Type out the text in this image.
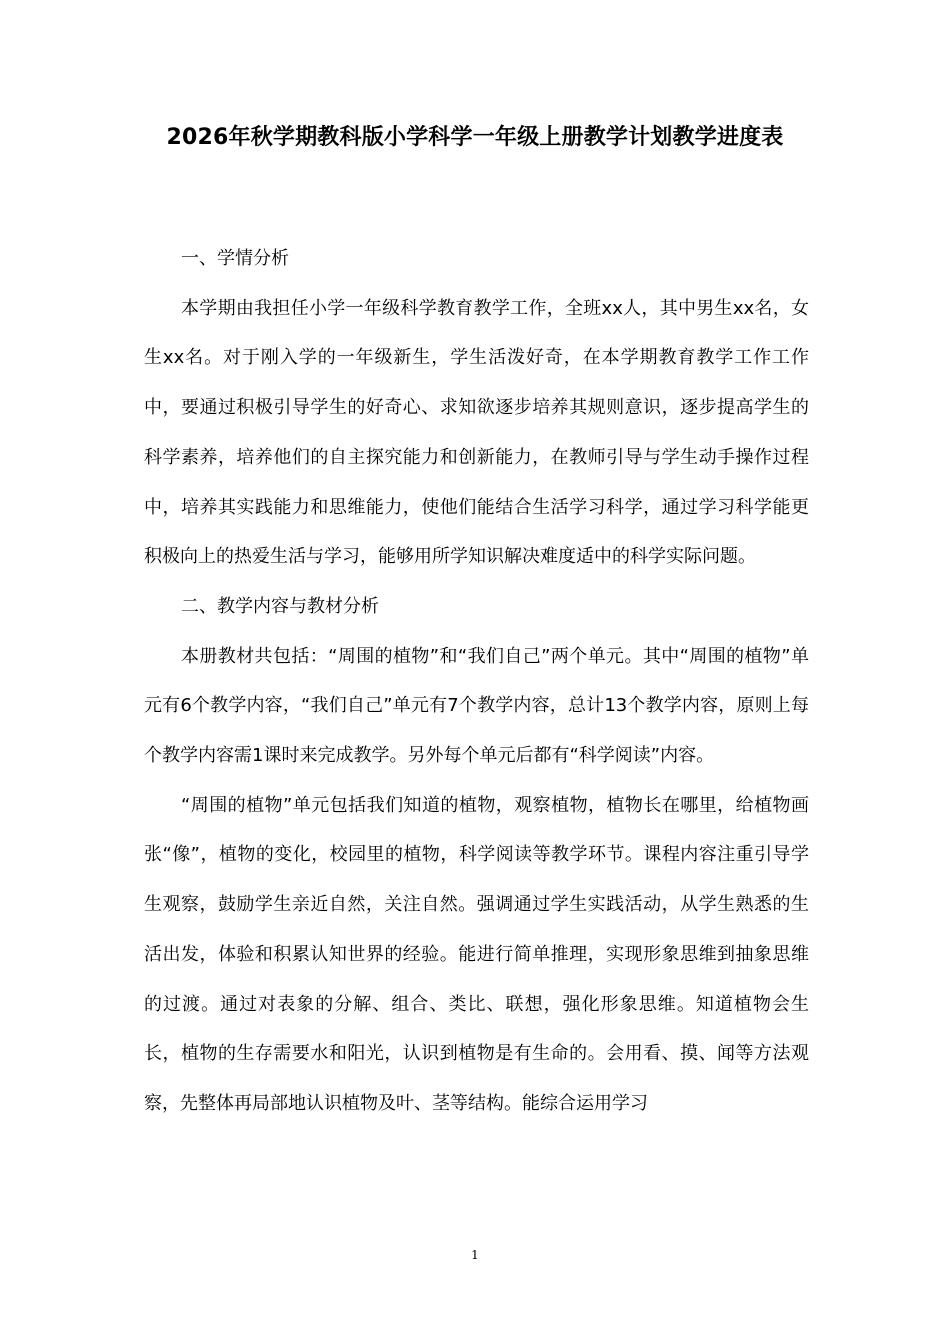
2026年秋学期教科版小学科学一年级上册教学计划教学进度表

一、学情分析

本学期由我担任小学一年级科学教育教学工作，全班xx人，其中男生xx名，女生xx名。对于刚入学的一年级新生，学生活泼好奇，在本学期教育教学工作工作中，要通过积极引导学生的好奇心、求知欲逐步培养其规则意识，逐步提高学生的科学素养，培养他们的自主探究能力和创新能力，在教师引导与学生动手操作过程中，培养其实践能力和思维能力，使他们能结合生活学习科学，通过学习科学能更积极向上的热爱生活与学习，能够用所学知识解决难度适中的科学实际问题。

二、教学内容与教材分析

本册教材共包括：“周围的植物”和“我们自己”两个单元。其中“周围的植物”单元有6个教学内容，“我们自己”单元有7个教学内容，总计13个教学内容，原则上每个教学内容需1课时来完成教学。另外每个单元后都有“科学阅读”内容。

“周围的植物”单元包括我们知道的植物，观察植物，植物长在哪里，给植物画张“像”，植物的变化，校园里的植物，科学阅读等教学环节。课程内容注重引导学生观察，鼓励学生亲近自然，关注自然。强调通过学生实践活动，从学生熟悉的生活出发，体验和积累认知世界的经验。能进行简单推理，实现形象思维到抽象思维的过渡。通过对表象的分解、组合、类比、联想，强化形象思维。知道植物会生长，植物的生存需要水和阳光，认识到植物是有生命的。会用看、摸、闻等方法观察，先整体再局部地认识植物及叶、茎等结构。能综合运用学习

1
